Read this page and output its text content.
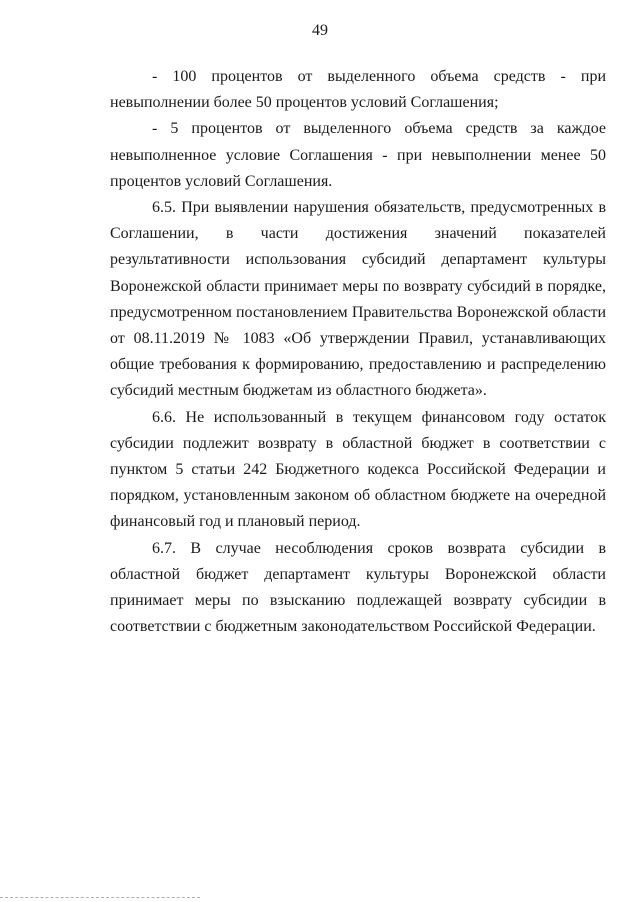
49

- 100 процентов от выделенного объема средств - при невыполнении более 50 процентов условий Соглашения;

- 5 процентов от выделенного объема средств за каждое невыполненное условие Соглашения - при невыполнении менее 50 процентов условий Соглашения.

6.5. При выявлении нарушения обязательств, предусмотренных в Соглашении, в части достижения значений показателей результативности использования субсидий департамент культуры Воронежской области принимает меры по возврату субсидий в порядке, предусмотренном постановлением Правительства Воронежской области от 08.11.2019 № 1083 «Об утверждении Правил, устанавливающих общие требования к формированию, предоставлению и распределению субсидий местным бюджетам из областного бюджета».

6.6. Не использованный в текущем финансовом году остаток субсидии подлежит возврату в областной бюджет в соответствии с пунктом 5 статьи 242 Бюджетного кодекса Российской Федерации и порядком, установленным законом об областном бюджете на очередной финансовый год и плановый период.

6.7. В случае несоблюдения сроков возврата субсидии в областной бюджет департамент культуры Воронежской области принимает меры по взысканию подлежащей возврату субсидии в соответствии с бюджетным законодательством Российской Федерации.
